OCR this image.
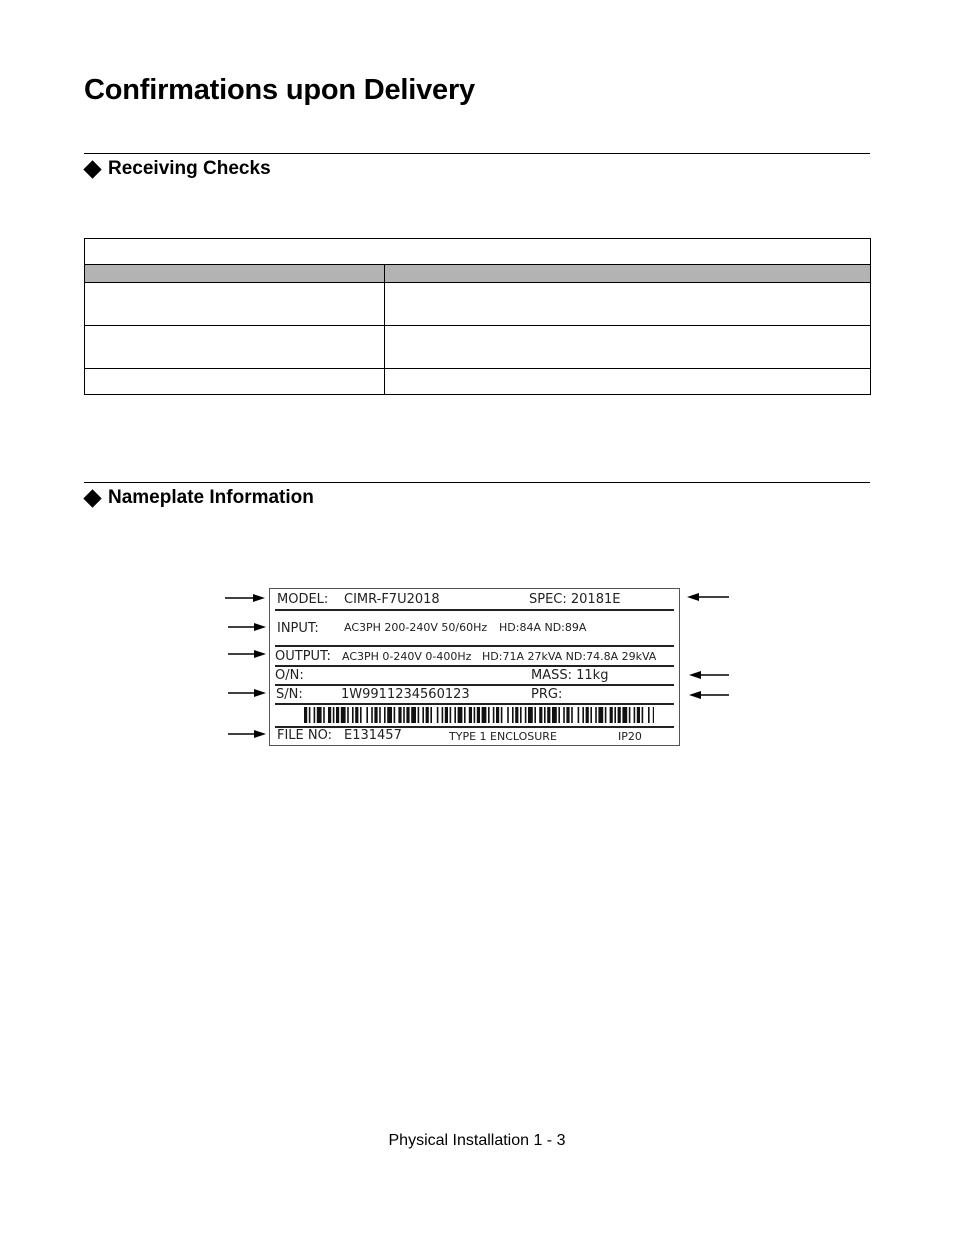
Confirmations upon Delivery
Receiving Checks

Nameplate Information
MODEL: CIMR-F7U2018	SPEC: 20181E
INPUT: AC3PH 200-240V 50/60Hz HD:84A ND:89A
OUTPUT: AC3PH 0-240V 0-400Hz HD:71A 27kVA ND:74.8A 29kVA
O/N:	MASS: 11kg
S/N:	1W9911234560123	PRG:
FILE NO: E131457	TYPE 1 ENCLOSURE	IP20
Physical Installation 1 - 3
